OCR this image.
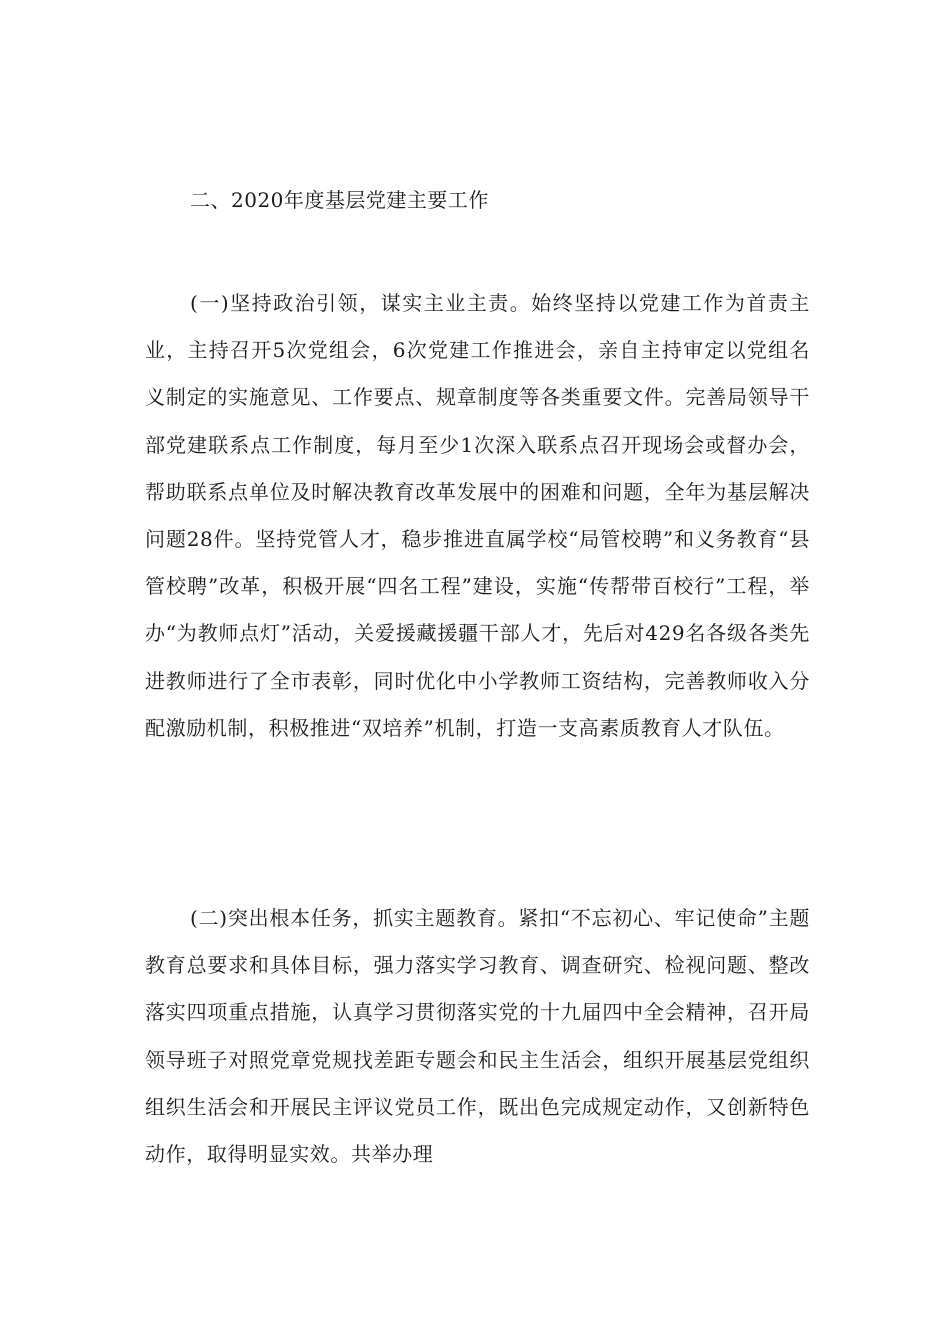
二、2020年度基层党建主要工作

(一)坚持政治引领，谋实主业主责。始终坚持以党建工作为首责主业，主持召开5次党组会，6次党建工作推进会，亲自主持审定以党组名义制定的实施意见、工作要点、规章制度等各类重要文件。完善局领导干部党建联系点工作制度，每月至少1次深入联系点召开现场会或督办会，帮助联系点单位及时解决教育改革发展中的困难和问题，全年为基层解决问题28件。坚持党管人才，稳步推进直属学校“局管校聘”和义务教育“县管校聘”改革，积极开展“四名工程”建设，实施“传帮带百校行”工程，举办“为教师点灯”活动，关爱援藏援疆干部人才，先后对429名各级各类先进教师进行了全市表彰，同时优化中小学教师工资结构，完善教师收入分配激励机制，积极推进“双培养”机制，打造一支高素质教育人才队伍。

(二)突出根本任务，抓实主题教育。紧扣“不忘初心、牢记使命”主题教育总要求和具体目标，强力落实学习教育、调查研究、检视问题、整改落实四项重点措施，认真学习贯彻落实党的十九届四中全会精神，召开局领导班子对照党章党规找差距专题会和民主生活会，组织开展基层党组织组织生活会和开展民主评议党员工作，既出色完成规定动作，又创新特色动作，取得明显实效。共举办理
